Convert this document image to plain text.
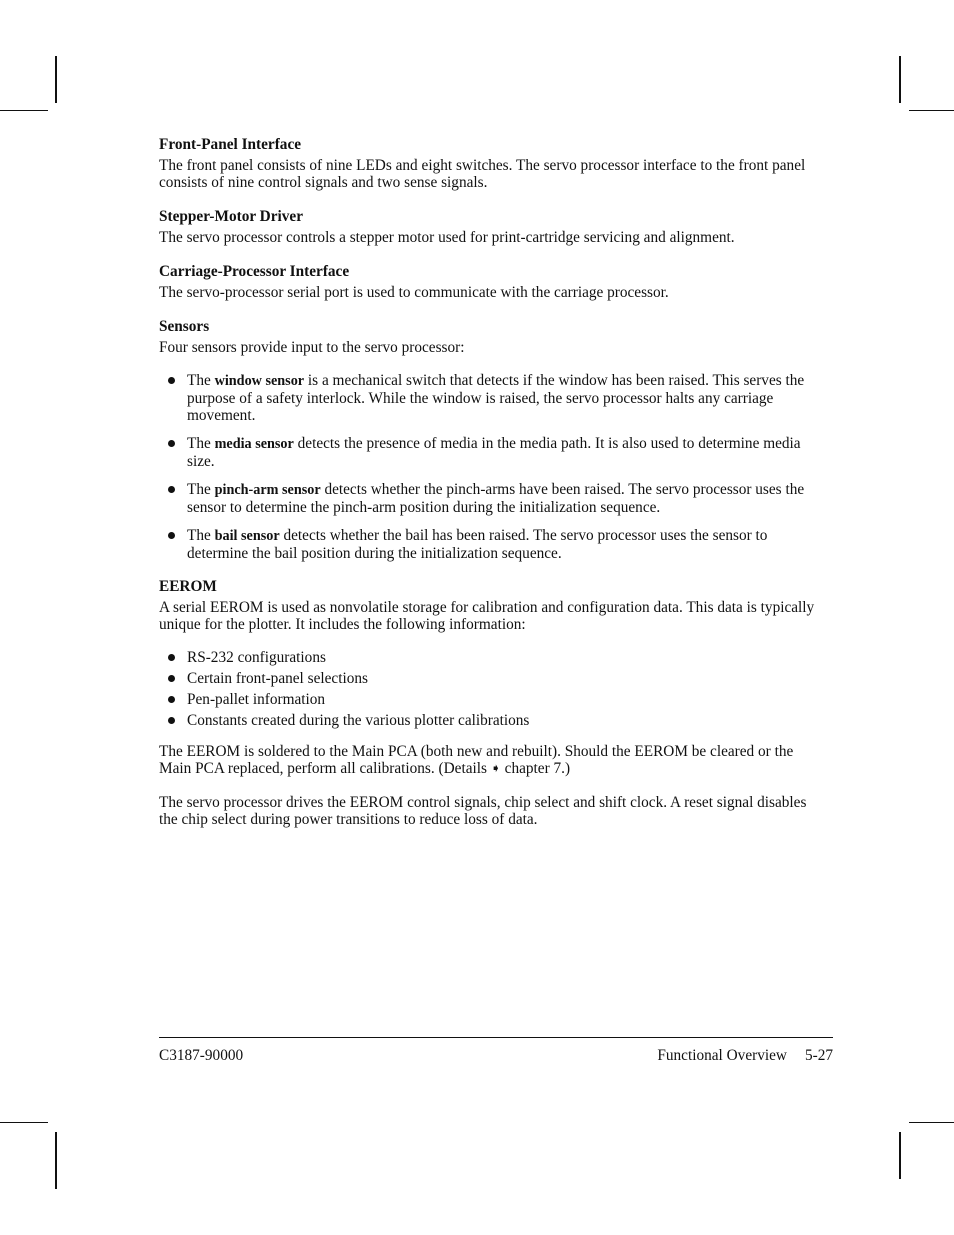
Front-Panel Interface

The front panel consists of nine LEDs and eight switches. The servo processor interface to the front panel consists of nine control signals and two sense signals.

Stepper-Motor Driver

The servo processor controls a stepper motor used for print-cartridge servicing and alignment.

Carriage-Processor Interface

The servo-processor serial port is used to communicate with the carriage processor.

Sensors

Four sensors provide input to the servo processor:

The window sensor is a mechanical switch that detects if the window has been raised. This serves the purpose of a safety interlock. While the window is raised, the servo processor halts any carriage movement.
The media sensor detects the presence of media in the media path. It is also used to determine media size.
The pinch-arm sensor detects whether the pinch-arms have been raised. The servo processor uses the sensor to determine the pinch-arm position during the initialization sequence.
The bail sensor detects whether the bail has been raised. The servo processor uses the sensor to determine the bail position during the initialization sequence.
EEROM

A serial EEROM is used as nonvolatile storage for calibration and configuration data. This data is typically unique for the plotter. It includes the following information:

RS-232 configurations
Certain front-panel selections
Pen-pallet information
Constants created during the various plotter calibrations

The EEROM is soldered to the Main PCA (both new and rebuilt). Should the EEROM be cleared or the Main PCA replaced, perform all calibrations. (Details ➧ chapter 7.)

The servo processor drives the EEROM control signals, chip select and shift clock. A reset signal disables the chip select during power transitions to reduce loss of data.

C3187-90000	Functional Overview 5-27
